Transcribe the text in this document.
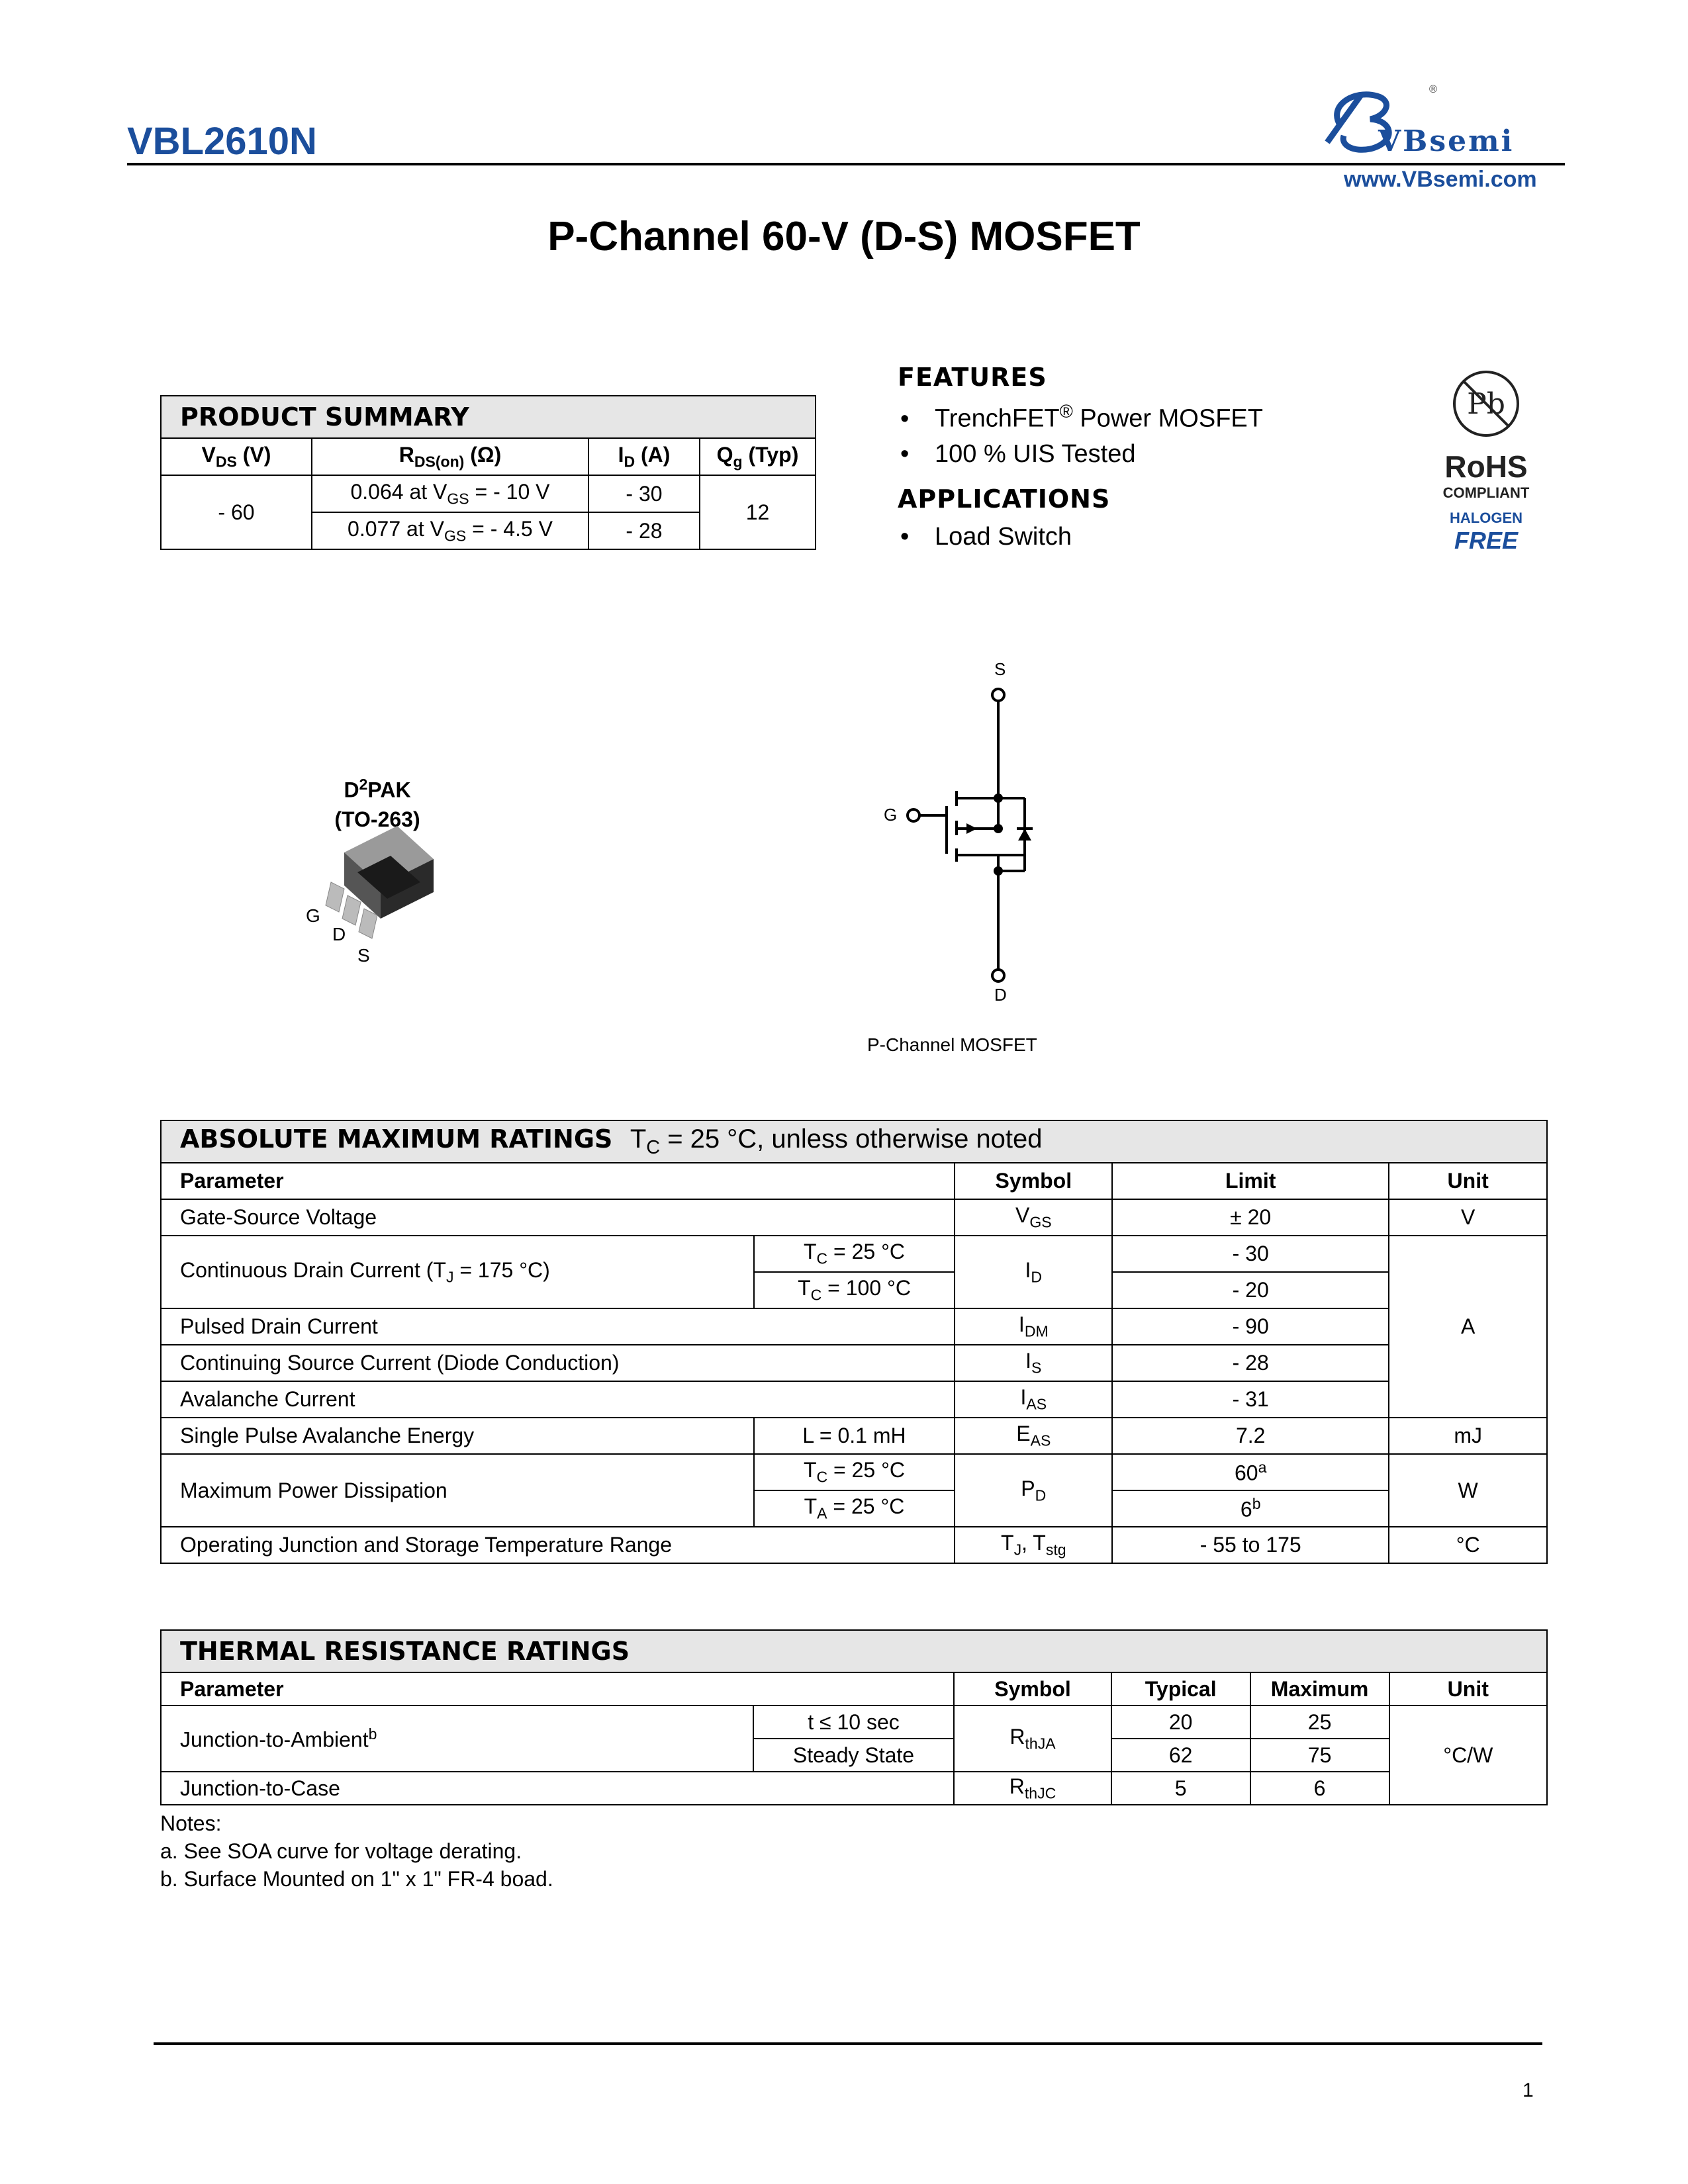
VBL2610N	VBsemi
®
www.VBsemi.com
P-Channel 60-V (D-S) MOSFET
PRODUCT SUMMARY			
$V_{DS}$ (V)	$R_{DS(on)}$ (Ω)	$I_D$ (A)	$Q_g$ (Typ)
- 60	0.064 at $V_{GS}$ = - 10 V	- 30	12
	0.077 at $V_{GS}$ = - 4.5 V	- 28	
FEATURES
• TrenchFET® Power MOSFET
• 100 % UIS Tested
APPLICATIONS
• Load Switch
Pb
RoHS
COMPLIANT
HALOGEN
FREE
$D^2PAK$
(TO-263)
G
D
S
S
G
D
P-Channel MOSFET
ABSOLUTE MAXIMUM RATINGS $T_C = 25$ °C, unless otherwise noted				
Parameter		Symbol	Limit	Unit
Gate-Source Voltage		$V_{GS}$	± 20	V
Continuous Drain Current ($T_J = 175$ °C)	$T_C = 25$ °C	$I_D$	- 30	A
	$T_C = 100$ °C		- 20	
Pulsed Drain Current		$I_{DM}$	- 90	
Continuing Source Current (Diode Conduction)		$I_S$	- 28	
Avalanche Current		$I_{AS}$	- 31	
Single Pulse Avalanche Energy	L = 0.1 mH	$E_{AS}$	7.2	mJ
Maximum Power Dissipation	$T_C = 25$ °C	$P_D$	60$^a$	W
	$T_A = 25$ °C		6$^b$
Operating Junction and Storage Temperature Range		$T_J$, $T_{stg}$	- 55 to 175	°C
THERMAL RESISTANCE RATINGS					
Parameter		Symbol	Typical	Maximum	Unit
Junction-to-Ambient$^b$	t ≤ 10 sec	$R_{thJA}$	20	25	°C/W
	Steady State		62	75	
Junction-to-Case		$R_{thJC}$	5	6	
Notes:
a. See SOA curve for voltage derating.
b. Surface Mounted on 1" x 1" FR-4 boad.
1
